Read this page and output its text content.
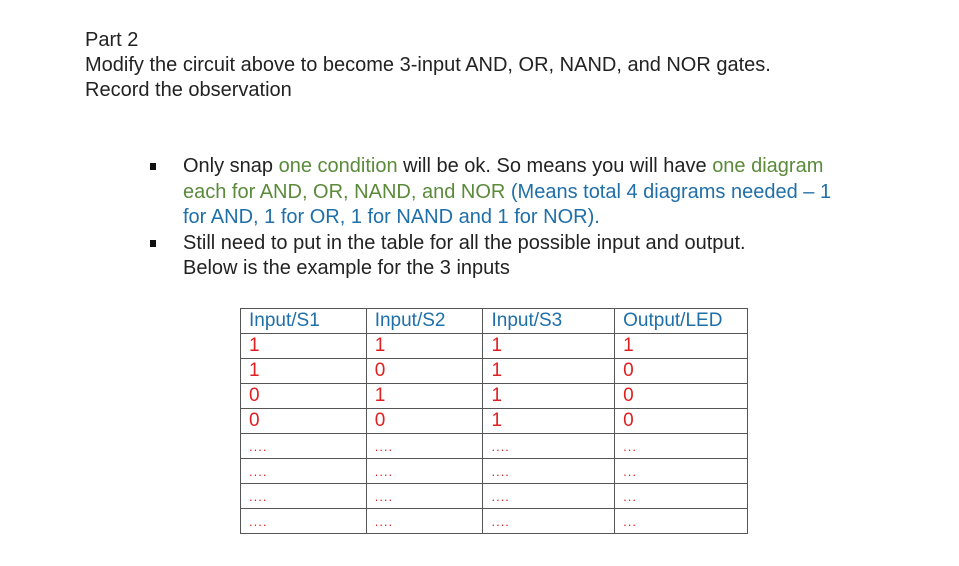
Part 2
Modify the circuit above to become 3-input AND, OR, NAND, and NOR gates.
Record the observation
Only snap one condition will be ok. So means you will have one diagram each for AND, OR, NAND, and NOR (Means total 4 diagrams needed – 1 for AND, 1 for OR, 1 for NAND and 1 for NOR).
Still need to put in the table for all the possible input and output.
Below is the example for the 3 inputs
Input/S1	Input/S2	Input/S3	Output/LED
1	1	1	1
1	0	1	0
0	1	1	0
0	0	1	0
....	....	....	...
....	....	....	...
....	....	....	...
....	....	....	...
